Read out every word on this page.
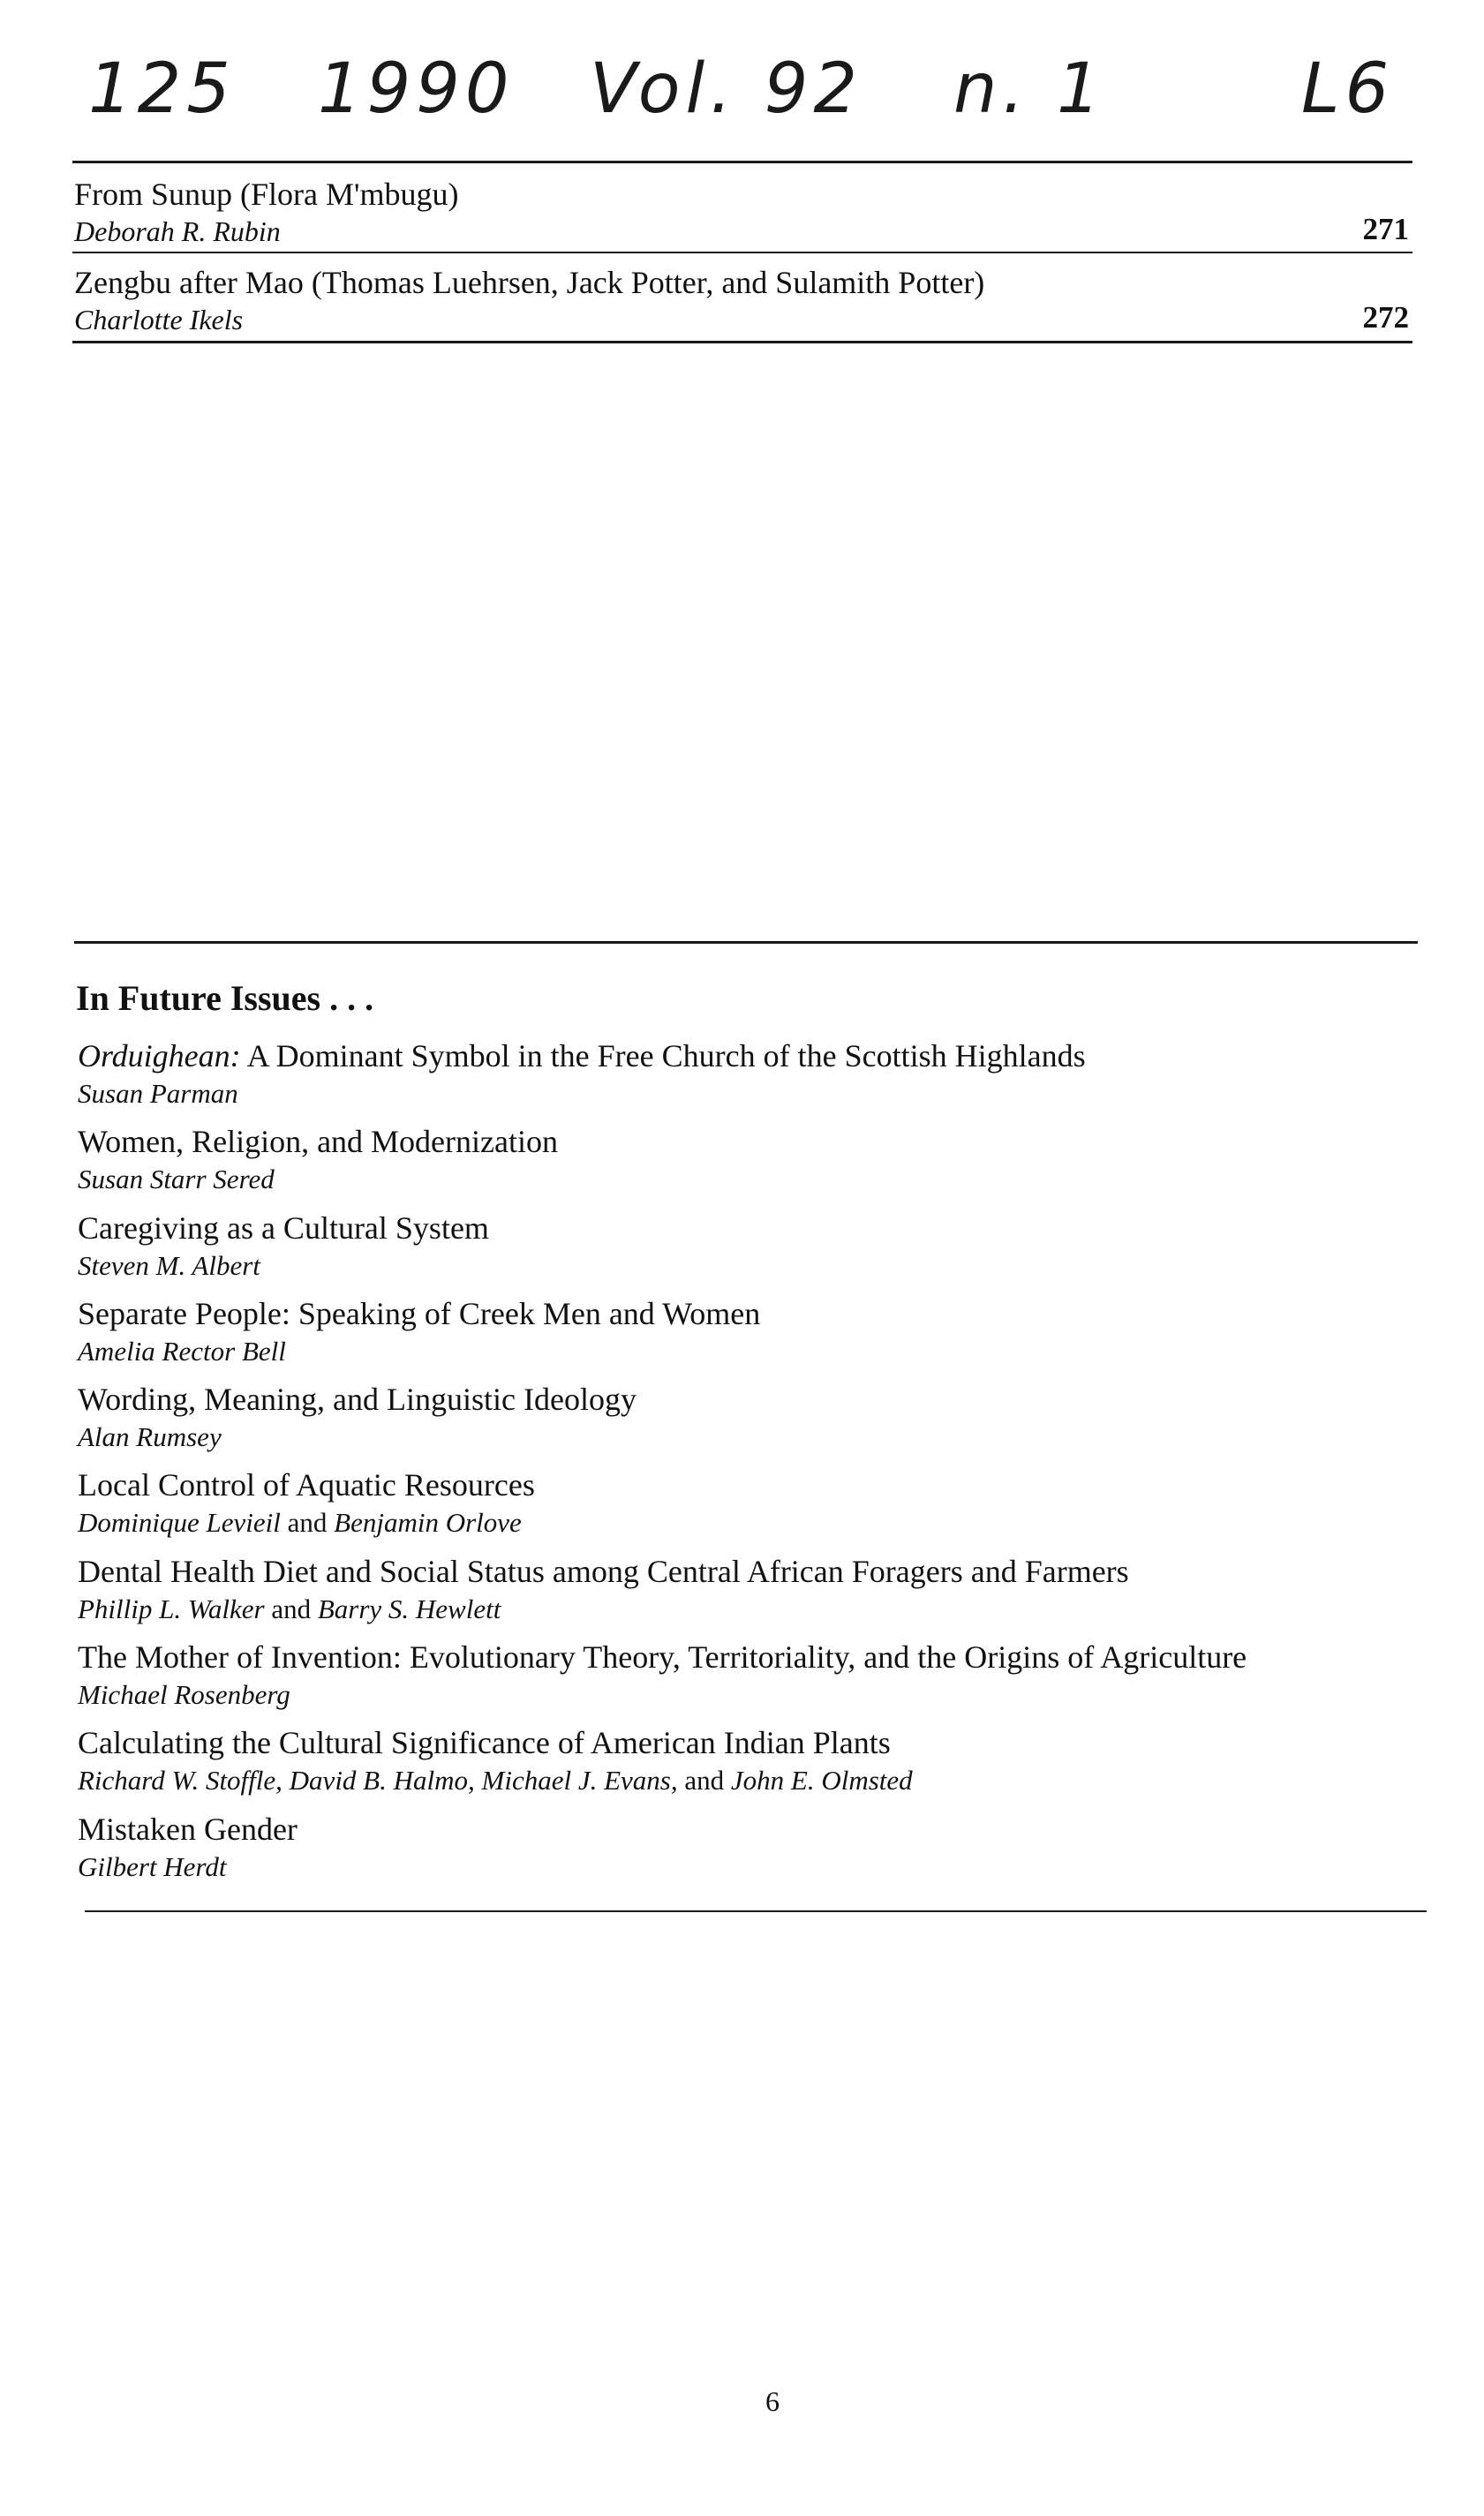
125 1990 Vol. 92 n. 1	L6
From Sunup (Flora M'mbugu)
Deborah R. Rubin	271
Zengbu after Mao (Thomas Luehrsen, Jack Potter, and Sulamith Potter)
Charlotte Ikels	272
In Future Issues . . .
Orduighean: A Dominant Symbol in the Free Church of the Scottish Highlands
Susan Parman
Women, Religion, and Modernization
Susan Starr Sered
Caregiving as a Cultural System
Steven M. Albert
Separate People: Speaking of Creek Men and Women
Amelia Rector Bell
Wording, Meaning, and Linguistic Ideology
Alan Rumsey
Local Control of Aquatic Resources
Dominique Levieil and Benjamin Orlove
Dental Health Diet and Social Status among Central African Foragers and Farmers
Phillip L. Walker and Barry S. Hewlett
The Mother of Invention: Evolutionary Theory, Territoriality, and the Origins of Agriculture
Michael Rosenberg
Calculating the Cultural Significance of American Indian Plants
Richard W. Stoffle, David B. Halmo, Michael J. Evans, and John E. Olmsted
Mistaken Gender
Gilbert Herdt
6
